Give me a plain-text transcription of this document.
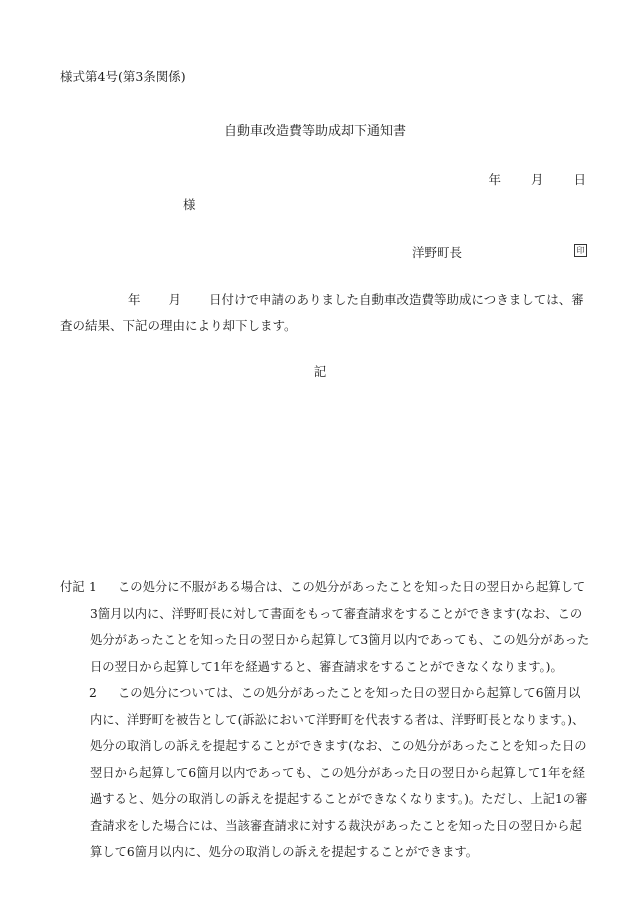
様式第4号(第3条関係)
自動車改造費等助成却下通知書
年 月 日
様
洋野町長	印
年 月 日付けで申請のありました自動車改造費等助成につきましては、審査の結果、下記の理由により却下します。
記
付記 1	この処分に不服がある場合は、この処分があったことを知った日の翌日から起算して3箇月以内に、洋野町長に対して書面をもって審査請求をすることができます(なお、この処分があったことを知った日の翌日から起算して3箇月以内であっても、この処分があった日の翌日から起算して1年を経過すると、審査請求をすることができなくなります。)。
2	この処分については、この処分があったことを知った日の翌日から起算して6箇月以内に、洋野町を被告として(訴訟において洋野町を代表する者は、洋野町長となります。)、処分の取消しの訴えを提起することができます(なお、この処分があったことを知った日の翌日から起算して6箇月以内であっても、この処分があった日の翌日から起算して1年を経過すると、処分の取消しの訴えを提起することができなくなります。)。ただし、上記1の審査請求をした場合には、当該審査請求に対する裁決があったことを知った日の翌日から起算して6箇月以内に、処分の取消しの訴えを提起することができます。
